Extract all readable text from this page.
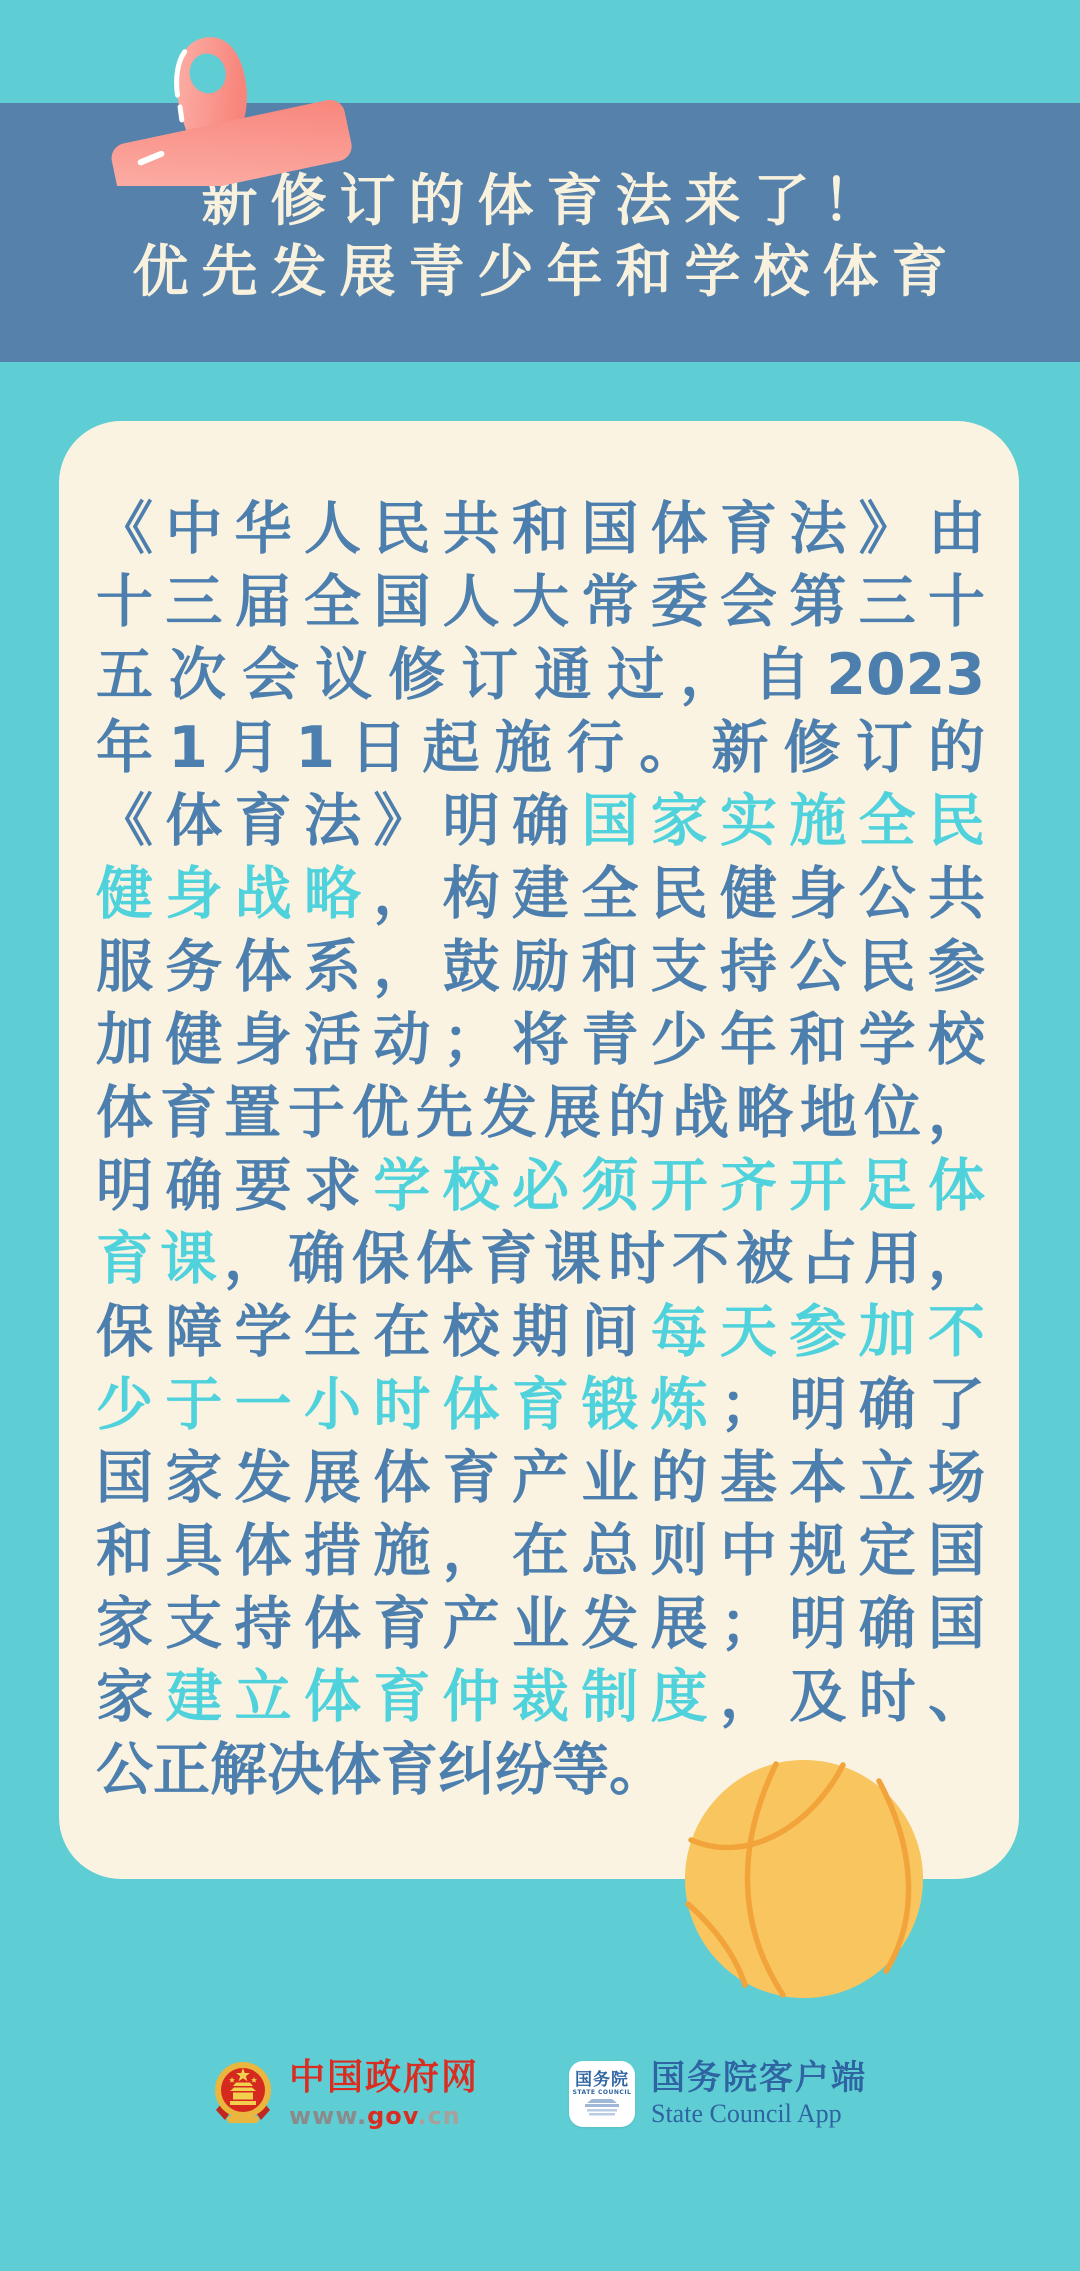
新修订的体育法来了！
优先发展青少年和学校体育
《中华人民共和国体育法》由
十三届全国人大常委会第三十
五次会议修订通过，自2023
年1月1日起施行。新修订的
《体育法》明确国家实施全民
健身战略，构建全民健身公共
服务体系，鼓励和支持公民参
加健身活动；将青少年和学校
体育置于优先发展的战略地位，
明确要求学校必须开齐开足体
育课，确保体育课时不被占用，
保障学生在校期间每天参加不
少于一小时体育锻炼；明确了
国家发展体育产业的基本立场
和具体措施，在总则中规定国
家支持体育产业发展；明确国
家建立体育仲裁制度，及时、
公正解决体育纠纷等。
中国政府网
www.gov.cn
国务院
STATE COUNCIL 国务院客户端
State Council App
